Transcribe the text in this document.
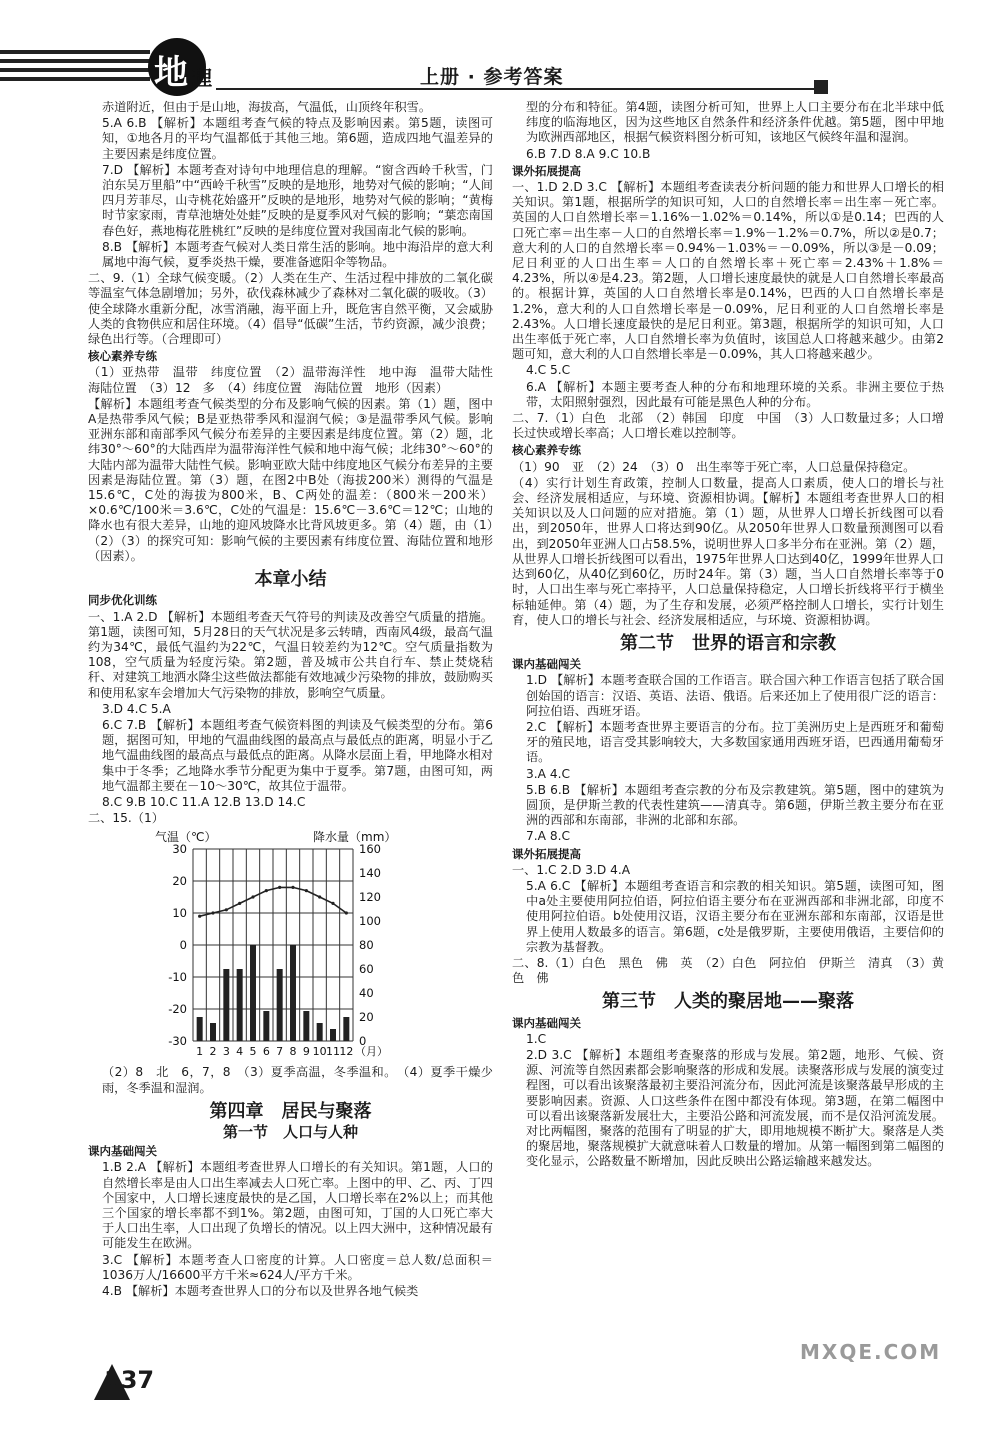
地 理	上册 · 参考答案
赤道附近，但由于是山地，海拔高，气温低，山顶终年积雪。
5.A 6.B 【解析】本题组考查气候的特点及影响因素。第5题，读图可知，①地各月的平均气温都低于其他三地。第6题，造成四地气温差异的主要因素是纬度位置。
7.D 【解析】本题考查对诗句中地理信息的理解。“窗含西岭千秋雪，门泊东吴万里船”中“西岭千秋雪”反映的是地形，地势对气候的影响；“人间四月芳菲尽，山寺桃花始盛开”反映的是地形，地势对气候的影响；“黄梅时节家家雨，青草池塘处处蛙”反映的是夏季风对气候的影响；“葉恋南国春色好，燕地梅花胜桃红”反映的是纬度位置对我国南北气候的影响。
8.B 【解析】本题考查气候对人类日常生活的影响。地中海沿岸的意大利属地中海气候，夏季炎热干燥，要准备遮阳伞等物品。
二、9.（1）全球气候变暖。（2）人类在生产、生活过程中排放的二氧化碳等温室气体急剧增加；另外，砍伐森林减少了森林对二氧化碳的吸收。（3）使全球降水重新分配，冰雪消融，海平面上升，既危害自然平衡，又会威胁人类的食物供应和居住环境。（4）倡导“低碳”生活，节约资源，减少浪费；绿色出行等。（合理即可）
核心素养专练
（1）亚热带　温带　纬度位置　（2）温带海洋性　地中海　温带大陆性　海陆位置　（3）12　多　（4）纬度位置　海陆位置　地形（因素）
【解析】本题组考查气候类型的分布及影响气候的因素。第（1）题，图中A是热带季风气候；B是亚热带季风和湿润气候；③是温带季风气候。影响亚洲东部和南部季风气候分布差异的主要因素是纬度位置。第（2）题，北纬30°～60°的大陆西岸为温带海洋性气候和地中海气候；北纬30°～60°的大陆内部为温带大陆性气候。影响亚欧大陆中纬度地区气候分布差异的主要因素是海陆位置。第（3）题，在图2中B处（海拔200米）测得的气温是15.6℃，C处的海拔为800米，B、C两处的温差：（800米－200米）×0.6℃/100米＝3.6℃，C处的气温是：15.6℃－3.6℃＝12℃；山地的降水也有很大差异，山地的迎风坡降水比背风坡更多。第（4）题，由（1）（2）（3）的探究可知：影响气候的主要因素有纬度位置、海陆位置和地形（因素）。
本章小结
同步优化训练
一、1.A 2.D 【解析】本题组考查天气符号的判读及改善空气质量的措施。第1题，读图可知，5月28日的天气状况是多云转晴，西南风4级，最高气温约为34℃，最低气温约为22℃，气温日较差约为12℃。空气质量指数为108，空气质量为轻度污染。第2题，普及城市公共自行车、禁止焚烧秸秆、对建筑工地洒水降尘这些做法都能有效地减少污染物的排放，鼓励购买和使用私家车会增加大气污染物的排放，影响空气质量。
3.D 4.C 5.A
6.C 7.B 【解析】本题组考查气候资料图的判读及气候类型的分布。第6题，据图可知，甲地的气温曲线图的最高点与最低点的距离，明显小于乙地气温曲线图的最高点与最低点的距离。从降水层面上看，甲地降水相对集中于冬季；乙地降水季节分配更为集中于夏季。第7题，由图可知，两地气温都主要在－10～30℃，故其位于温带。
8.C 9.B 10.C 11.A 12.B 13.D 14.C
二、15.（1）
-30
-20
-10
0
10
20
30
0
20
40
60
80
100
120
140
160
1 2 3 4 5 6 7 8 9 10 11 12 （月）
气温（℃）	降水量（mm）
（2）8　北　6，7，8　（3）夏季高温，冬季温和。　（4）夏季干燥少雨，冬季温和湿润。
第四章　居民与聚落
第一节　人口与人种
课内基础闯关
1.B 2.A 【解析】本题组考查世界人口增长的有关知识。第1题，人口的自然增长率是由人口出生率减去人口死亡率。上图中的甲、乙、丙、丁四个国家中，人口增长速度最快的是乙国，人口增长率在2%以上；而其他三个国家的增长率都不到1%。第2题，由图可知，丁国的人口死亡率大于人口出生率，人口出现了负增长的情况。以上四大洲中，这种情况最有可能发生在欧洲。
3.C 【解析】本题考查人口密度的计算。人口密度＝总人数/总面积＝1036万人/16600平方千米≈624人/平方千米。
4.B 【解析】本题考查世界人口的分布以及世界各地气候类
型的分布和特征。第4题，读图分析可知，世界上人口主要分布在北半球中低纬度的临海地区，因为这些地区自然条件和经济条件优越。第5题，图中甲地为欧洲西部地区，根据气候资料图分析可知，该地区气候终年温和湿润。
6.B 7.D 8.A 9.C 10.B
课外拓展提高
一、1.D 2.D 3.C 【解析】本题组考查读表分析问题的能力和世界人口增长的相关知识。第1题，根据所学的知识可知，人口的自然增长率＝出生率－死亡率。英国的人口自然增长率＝1.16%－1.02%＝0.14%，所以①是0.14；巴西的人口死亡率＝出生率－人口的自然增长率＝1.9%－1.2%＝0.7%，所以②是0.7；意大利的人口的自然增长率＝0.94%－1.03%＝－0.09%，所以③是－0.09；尼日利亚的人口出生率＝人口的自然增长率＋死亡率＝2.43%＋1.8%＝4.23%，所以④是4.23。第2题，人口增长速度最快的就是人口自然增长率最高的。根据计算，英国的人口自然增长率是0.14%，巴西的人口自然增长率是1.2%，意大利的人口自然增长率是－0.09%，尼日利亚的人口自然增长率是2.43%。人口增长速度最快的是尼日利亚。第3题，根据所学的知识可知，人口出生率低于死亡率，人口自然增长率为负值时，该国总人口将越来越少。由第2题可知，意大利的人口自然增长率是－0.09%，其人口将越来越少。
4.C 5.C
6.A 【解析】本题主要考查人种的分布和地理环境的关系。非洲主要位于热带，太阳照射强烈，因此最有可能是黑色人种的分布。
二、7.（1）白色　北部　（2）韩国　印度　中国　（3）人口数量过多；人口增长过快或增长率高；人口增长难以控制等。
核心素养专练
（1）90　亚　（2）24　（3）0　出生率等于死亡率，人口总量保持稳定。
（4）实行计划生育政策，控制人口数量，提高人口素质，使人口的增长与社会、经济发展相适应，与环境、资源相协调。【解析】本题组考查世界人口的相关知识以及人口问题的应对措施。第（1）题，从世界人口增长折线图可以看出，到2050年，世界人口将达到90亿。从2050年世界人口数量预测图可以看出，到2050年亚洲人口占58.5%，说明世界人口多半分布在亚洲。第（2）题，从世界人口增长折线图可以看出，1975年世界人口达到40亿，1999年世界人口达到60亿，从40亿到60亿，历时24年。第（3）题，当人口自然增长率等于0时，人口出生率与死亡率持平，人口总量保持稳定，人口增长折线将平行于横坐标轴延伸。第（4）题，为了生存和发展，必须严格控制人口增长，实行计划生育，使人口的增长与社会、经济发展相适应，与环境、资源相协调。
第二节　世界的语言和宗教
课内基础闯关
1.D 【解析】本题考查联合国的工作语言。联合国六种工作语言包括了联合国创始国的语言：汉语、英语、法语、俄语。后来还加上了使用很广泛的语言：阿拉伯语、西班牙语。
2.C 【解析】本题考查世界主要语言的分布。拉丁美洲历史上是西班牙和葡萄牙的殖民地，语言受其影响较大，大多数国家通用西班牙语，巴西通用葡萄牙语。
3.A 4.C
5.B 6.B 【解析】本题组考查宗教的分布及宗教建筑。第5题，图中的建筑为圆顶，是伊斯兰教的代表性建筑——清真寺。第6题，伊斯兰教主要分布在亚洲的西部和东南部，非洲的北部和东部。
7.A 8.C
课外拓展提高
一、1.C 2.D 3.D 4.A
5.A 6.C 【解析】本题组考查语言和宗教的相关知识。第5题，读图可知，图中a处主要使用阿拉伯语，阿拉伯语主要分布在亚洲西部和非洲北部，印度不使用阿拉伯语。b处使用汉语，汉语主要分布在亚洲东部和东南部，汉语是世界上使用人数最多的语言。第6题，c处是俄罗斯，主要使用俄语，主要信仰的宗教为基督教。
二、8.（1）白色　黑色　佛　英　（2）白色　阿拉伯　伊斯兰　清真　（3）黄色　佛
第三节　人类的聚居地——聚落
课内基础闯关
1.C
2.D 3.C 【解析】本题组考查聚落的形成与发展。第2题，地形、气候、资源、河流等自然因素都会影响聚落的形成和发展。读聚落形成与发展的演变过程图，可以看出该聚落最初主要沿河流分布，因此河流是该聚落最早形成的主要影响因素。资源、人口这些条件在图中都没有体现。第3题，在第二幅图中可以看出该聚落新发展壮大，主要沿公路和河流发展，而不是仅沿河流发展。对比两幅图，聚落的范围有了明显的扩大，即用地规模不断扩大。聚落是人类的聚居地，聚落规模扩大就意味着人口数量的增加。从第一幅图到第二幅图的变化显示，公路数量不断增加，因此反映出公路运输越来越发达。
137
MXQE.COM
